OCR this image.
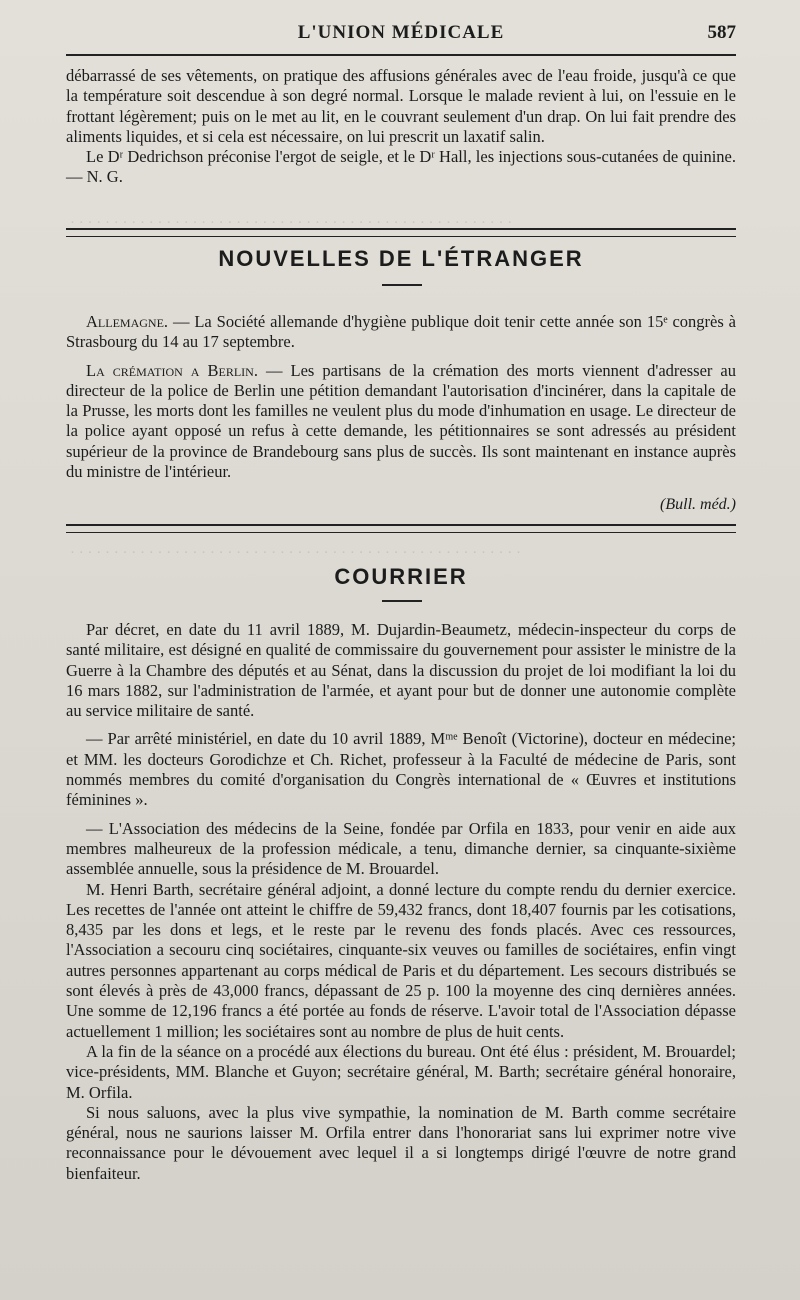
· · · · · · · · · · · · · · · · · · · · · · · · · · · · · · · · · · · · · · · · · · · · · · · · · · ·
· · · · · · · · · · · · · · · · · · · · · · · · · · · · · · · · · · · · · · · · · · · · · · · · · · · ·
L'UNION MÉDICALE	587

débarrassé de ses vêtements, on pratique des affusions générales avec de l'eau froide, jusqu'à ce que la température soit descendue à son degré normal. Lorsque le malade revient à lui, on l'essuie en le frottant légèrement; puis on le met au lit, en le couvrant seulement d'un drap. On lui fait prendre des aliments liquides, et si cela est nécessaire, on lui prescrit un laxatif salin.

Le Dʳ Dedrichson préconise l'ergot de seigle, et le Dʳ Hall, les injections sous-cutanées de quinine. — N. G.

NOUVELLES DE L'ÉTRANGER

Allemagne. — La Société allemande d'hygiène publique doit tenir cette année son 15ᵉ congrès à Strasbourg du 14 au 17 septembre.

La crémation a Berlin. — Les partisans de la crémation des morts viennent d'adresser au directeur de la police de Berlin une pétition demandant l'autorisation d'incinérer, dans la capitale de la Prusse, les morts dont les familles ne veulent plus du mode d'inhumation en usage. Le directeur de la police ayant opposé un refus à cette demande, les pétitionnaires se sont adressés au président supérieur de la province de Brandebourg sans plus de succès. Ils sont maintenant en instance auprès du ministre de l'intérieur.

(Bull. méd.)
COURRIER

Par décret, en date du 11 avril 1889, M. Dujardin-Beaumetz, médecin-inspecteur du corps de santé militaire, est désigné en qualité de commissaire du gouvernement pour assister le ministre de la Guerre à la Chambre des députés et au Sénat, dans la discussion du projet de loi modifiant la loi du 16 mars 1882, sur l'administration de l'armée, et ayant pour but de donner une autonomie complète au service militaire de santé.

— Par arrêté ministériel, en date du 10 avril 1889, Mᵐᵉ Benoît (Victorine), docteur en médecine; et MM. les docteurs Gorodichze et Ch. Richet, professeur à la Faculté de médecine de Paris, sont nommés membres du comité d'organisation du Congrès international de « Œuvres et institutions féminines ».

— L'Association des médecins de la Seine, fondée par Orfila en 1833, pour venir en aide aux membres malheureux de la profession médicale, a tenu, dimanche dernier, sa cinquante-sixième assemblée annuelle, sous la présidence de M. Brouardel.

M. Henri Barth, secrétaire général adjoint, a donné lecture du compte rendu du dernier exercice. Les recettes de l'année ont atteint le chiffre de 59,432 francs, dont 18,407 fournis par les cotisations, 8,435 par les dons et legs, et le reste par le revenu des fonds placés. Avec ces ressources, l'Association a secouru cinq sociétaires, cinquante-six veuves ou familles de sociétaires, enfin vingt autres personnes appartenant au corps médical de Paris et du département. Les secours distribués se sont élevés à près de 43,000 francs, dépassant de 25 p. 100 la moyenne des cinq dernières années. Une somme de 12,196 francs a été portée au fonds de réserve. L'avoir total de l'Association dépasse actuellement 1 million; les sociétaires sont au nombre de plus de huit cents.

A la fin de la séance on a procédé aux élections du bureau. Ont été élus : président, M. Brouardel; vice-présidents, MM. Blanche et Guyon; secrétaire général, M. Barth; secrétaire général honoraire, M. Orfila.

Si nous saluons, avec la plus vive sympathie, la nomination de M. Barth comme secrétaire général, nous ne saurions laisser M. Orfila entrer dans l'honorariat sans lui exprimer notre vive reconnaissance pour le dévouement avec lequel il a si longtemps dirigé l'œuvre de notre grand bienfaiteur.
